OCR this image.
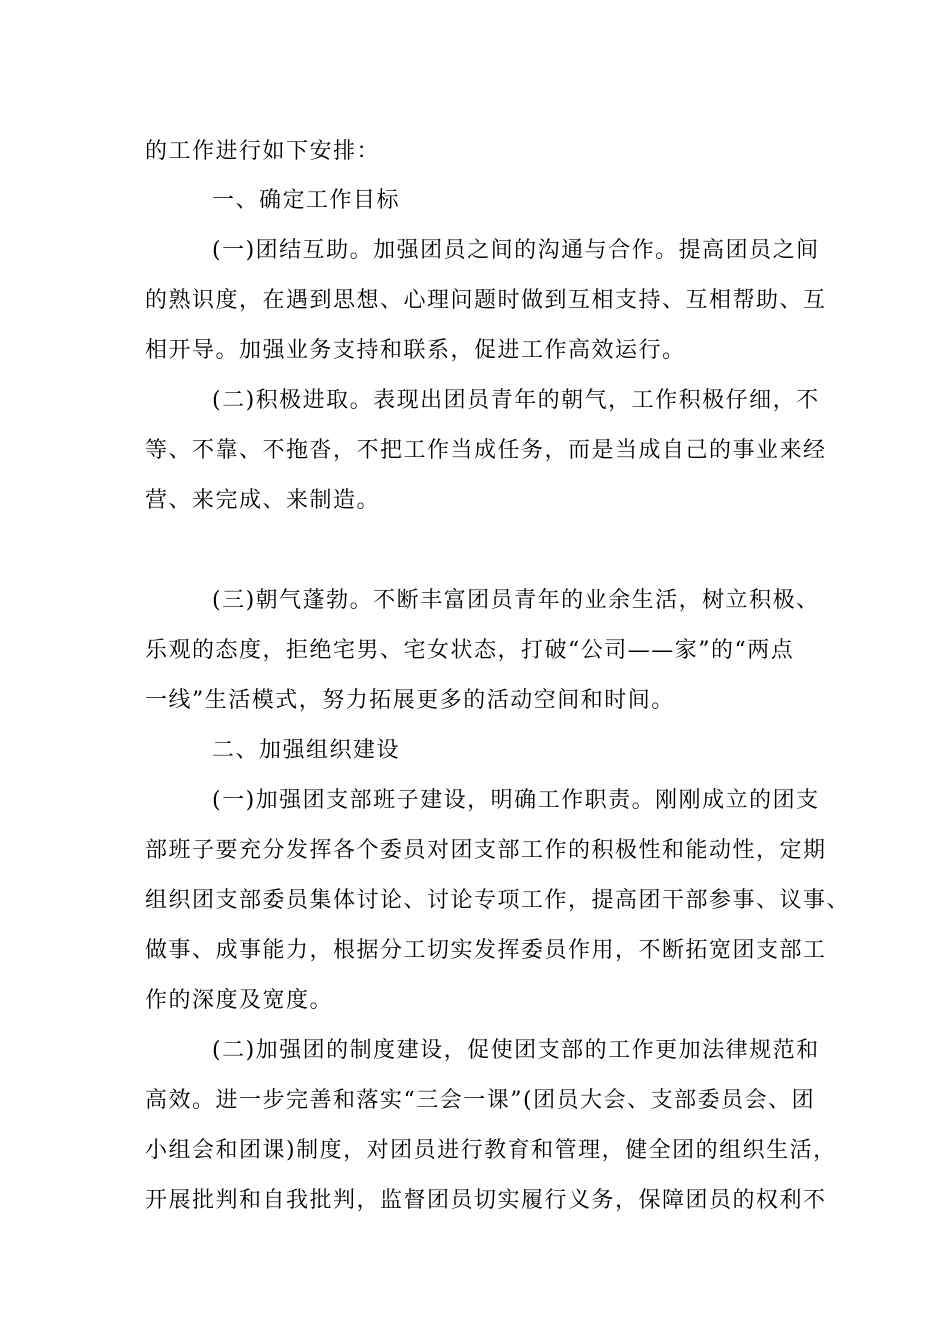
的工作进行如下安排：
一、确定工作目标
(一)团结互助。加强团员之间的沟通与合作。提高团员之间
的熟识度，在遇到思想、心理问题时做到互相支持、互相帮助、互
相开导。加强业务支持和联系，促进工作高效运行。
(二)积极进取。表现出团员青年的朝气，工作积极仔细，不
等、不靠、不拖沓，不把工作当成任务，而是当成自己的事业来经
营、来完成、来制造。
(三)朝气蓬勃。不断丰富团员青年的业余生活，树立积极、
乐观的态度，拒绝宅男、宅女状态，打破“公司——家”的“两点
一线”生活模式，努力拓展更多的活动空间和时间。
二、加强组织建设
(一)加强团支部班子建设，明确工作职责。刚刚成立的团支
部班子要充分发挥各个委员对团支部工作的积极性和能动性，定期
组织团支部委员集体讨论、讨论专项工作，提高团干部参事、议事、
做事、成事能力，根据分工切实发挥委员作用，不断拓宽团支部工
作的深度及宽度。
(二)加强团的制度建设，促使团支部的工作更加法律规范和
高效。进一步完善和落实“三会一课”(团员大会、支部委员会、团
小组会和团课)制度，对团员进行教育和管理，健全团的组织生活，
开展批判和自我批判，监督团员切实履行义务，保障团员的权利不
